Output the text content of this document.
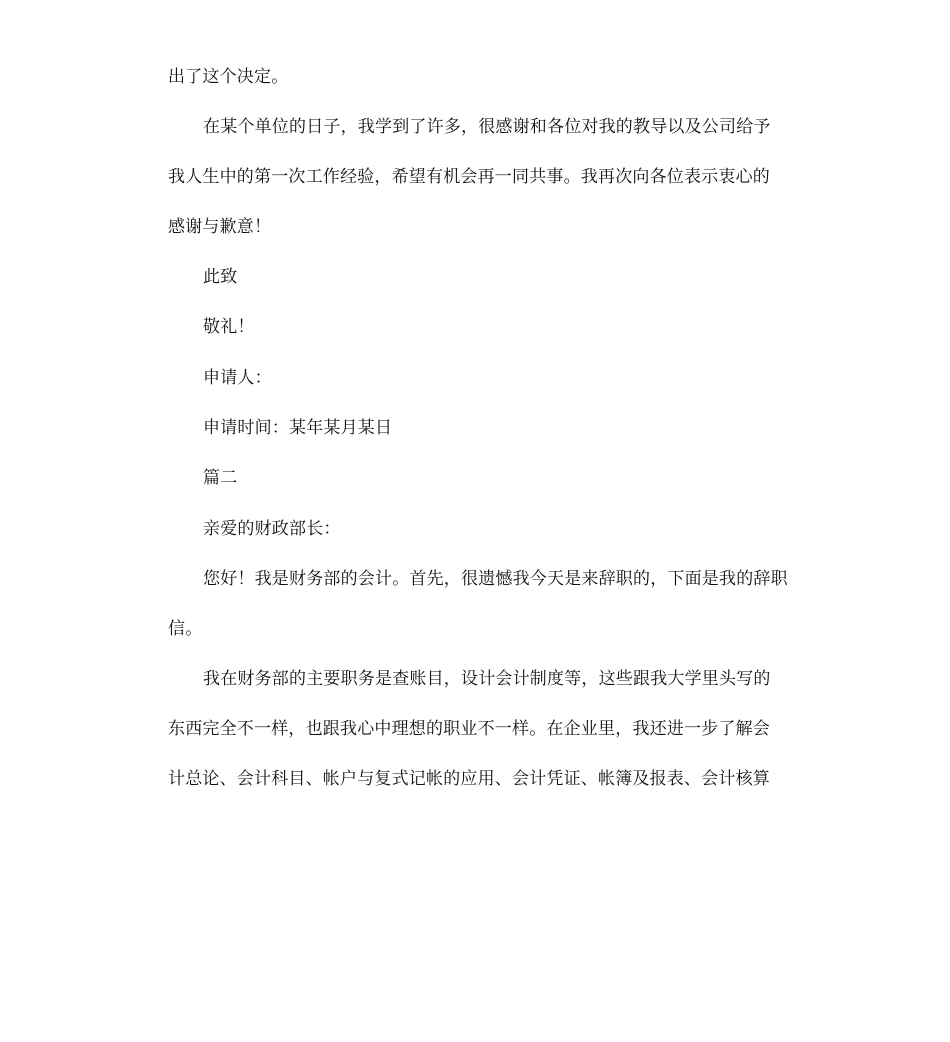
出了这个决定。
在某个单位的日子，我学到了许多，很感谢和各位对我的教导以及公司给予
我人生中的第一次工作经验，希望有机会再一同共事。我再次向各位表示衷心的
感谢与歉意！
此致
敬礼！
申请人：
申请时间：某年某月某日
篇二
亲爱的财政部长：
您好！我是财务部的会计。首先，很遗憾我今天是来辞职的，下面是我的辞职
信。
我在财务部的主要职务是查账目，设计会计制度等，这些跟我大学里头写的
东西完全不一样，也跟我心中理想的职业不一样。在企业里，我还进一步了解会
计总论、会计科目、帐户与复式记帐的应用、会计凭证、帐簿及报表、会计核算
